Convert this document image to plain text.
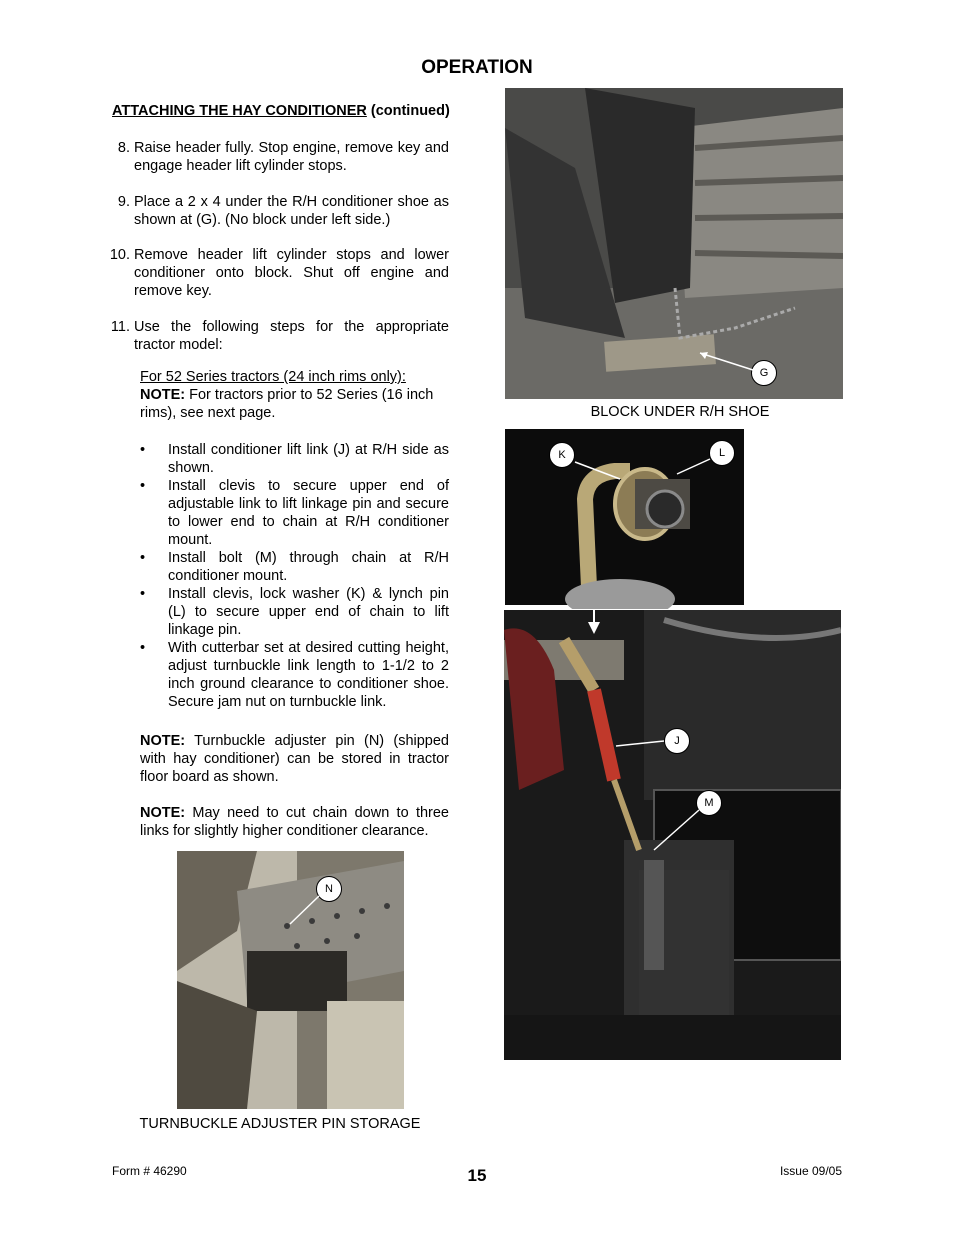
OPERATION
ATTACHING THE HAY CONDITIONER (continued)
8. Raise header fully. Stop engine, remove key and engage header lift cylinder stops.
9. Place a 2 x 4 under the R/H conditioner shoe as shown at (G). (No block under left side.)
10. Remove header lift cylinder stops and lower conditioner onto block. Shut off engine and remove key.
11. Use the following steps for the appropriate tractor model:
For 52 Series tractors (24 inch rims only):
NOTE: For tractors prior to 52 Series (16 inch rims), see next page.
• Install conditioner lift link (J) at R/H side as shown.
• Install clevis to secure upper end of adjustable link to lift linkage pin and secure to lower end to chain at R/H conditioner mount.
• Install bolt (M) through chain at R/H conditioner mount.
• Install clevis, lock washer (K) & lynch pin (L) to secure upper end of chain to lift linkage pin.
• With cutterbar set at desired cutting height, adjust turnbuckle link length to 1-1/2 to 2 inch ground clearance to conditioner shoe. Secure jam nut on turnbuckle link.
NOTE: Turnbuckle adjuster pin (N) (shipped with hay conditioner) can be stored in tractor floor board as shown.
NOTE: May need to cut chain down to three links for slightly higher conditioner clearance.
G
BLOCK UNDER R/H SHOE
K	L
J
M
N
TURNBUCKLE ADJUSTER PIN STORAGE
Form # 46290	15	Issue 09/05
